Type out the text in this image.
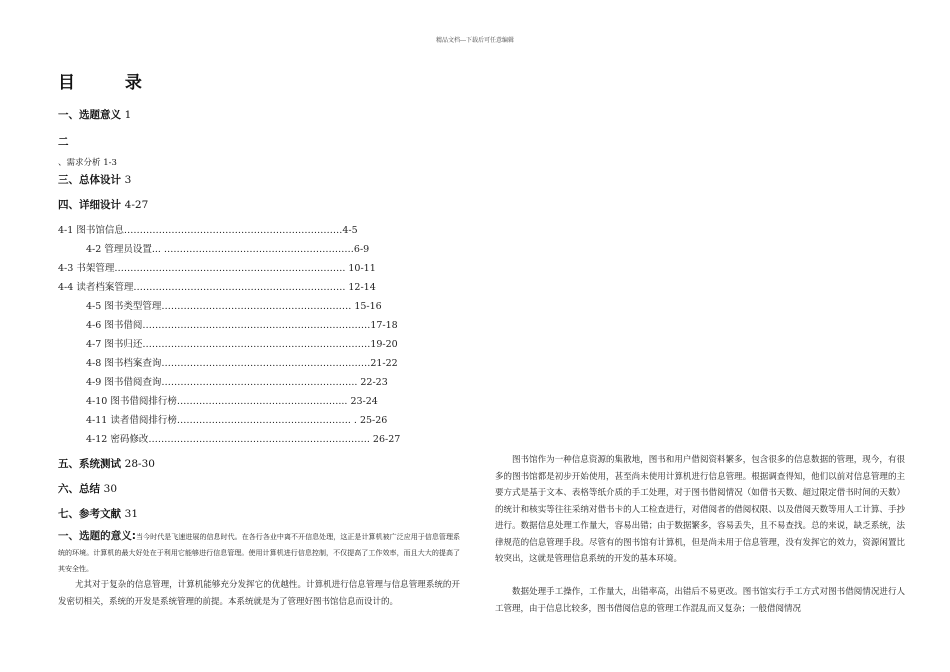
精品文档---下载后可任意编辑
目 录
一、选题意义 1
二
、需求分析 1-3
三、总体设计 3
四、详细设计 4-27
4-1 图书馆信息……………………………………………………………4-5
4-2 管理员设置... ……………………………………………………6-9
4-3 书架管理………………………………………………………………. 10-11
4-4 读者档案管理…………………………………………………………. 12-14
4-5 图书类型管理…………………………………………………… 15-16
4-6 图书借阅………………………………………………………………17-18
4-7 图书归还………………………………………………………………19-20
4-8 图书档案查询…………………………………………………………21-22
4-9 图书借阅查询…………………………………………………….. 22-23
4-10 图书借阅排行榜……………………………………………... 23-24
4-11 读者借阅排行榜………………………………………………. . 25-26
4-12 密码修改……………………………………………………………. 26-27
五、系统测试 28-30
六、总结 30
七、参考文献 31
一、选题的意义:当今时代是飞速进展的信息时代。在各行各业中离不开信息处理，这正是计算机被广泛应用于信息管理系统的环境。计算机的最大好处在于利用它能够进行信息管理。使用计算机进行信息控制，不仅提高了工作效率，而且大大的提高了其安全性。
尤其对于复杂的信息管理，计算机能够充分发挥它的优越性。计算机进行信息管理与信息管理系统的开发密切相关，系统的开发是系统管理的前提。本系统就是为了管理好图书馆信息而设计的。
图书馆作为一种信息资源的集散地，图书和用户借阅资料繁多，包含很多的信息数据的管理，现今，有很多的图书馆都是初步开始使用，甚至尚未使用计算机进行信息管理。根据调查得知，他们以前对信息管理的主要方式是基于文本、表格等纸介质的手工处理，对于图书借阅情况（如借书天数、超过限定借书时间的天数）的统计和核实等往往采纳对借书卡的人工检查进行，对借阅者的借阅权限、以及借阅天数等用人工计算、手抄进行。数据信息处理工作量大，容易出错；由于数据繁多，容易丢失，且不易查找。总的来说，缺乏系统，法律规范的信息管理手段。尽管有的图书馆有计算机，但是尚未用于信息管理，没有发挥它的效力，资源闲置比较突出，这就是管理信息系统的开发的基本环境。
数据处理手工操作，工作量大，出错率高，出错后不易更改。图书馆实行手工方式对图书借阅情况进行人工管理，由于信息比较多，图书借阅信息的管理工作混乱而又复杂；一般借阅情况
